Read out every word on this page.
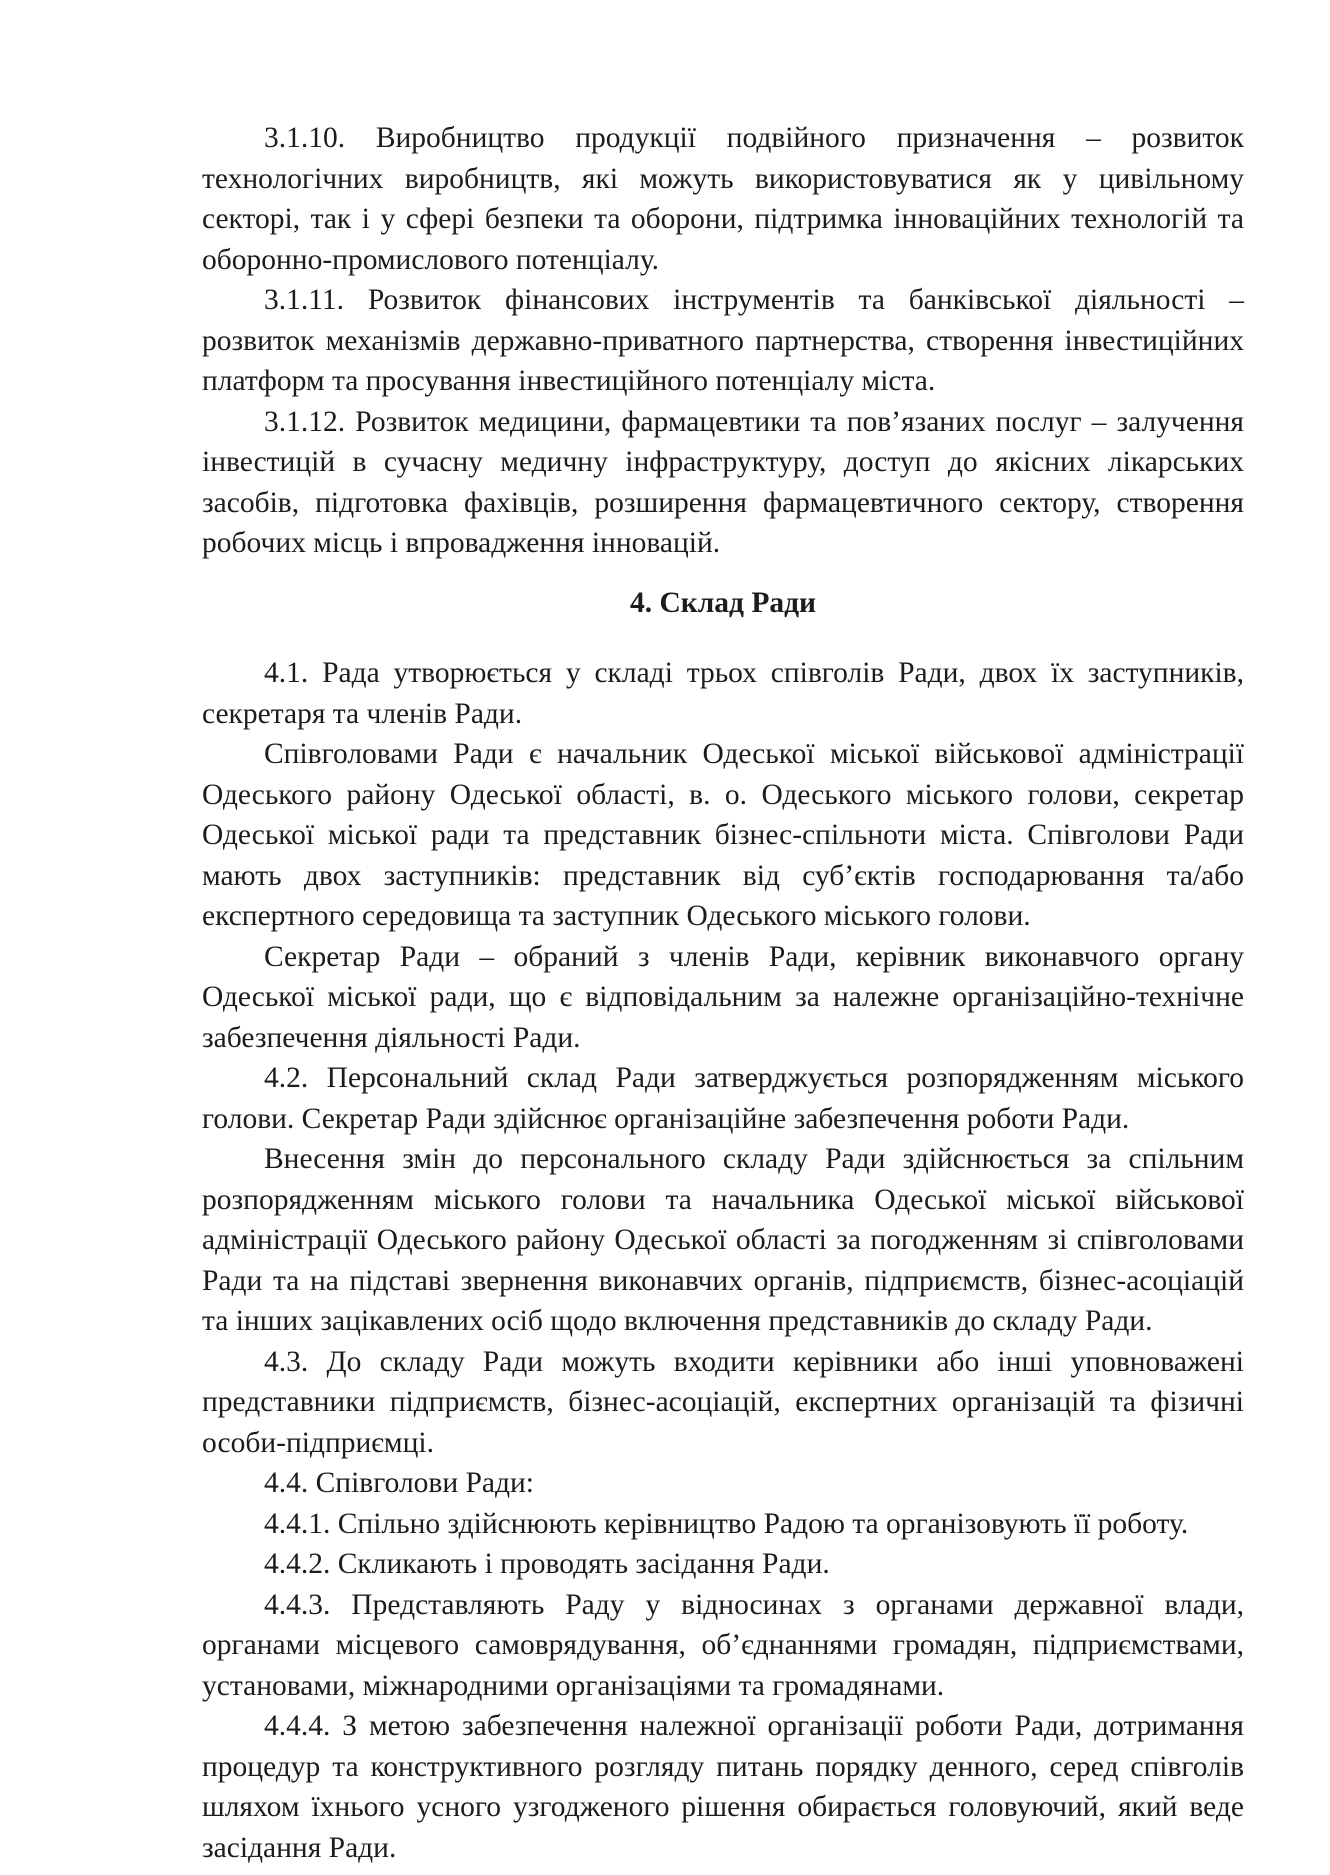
3.1.10. Виробництво продукції подвійного призначення – розвиток технологічних виробництв, які можуть використовуватися як у цивільному секторі, так і у сфері безпеки та оборони, підтримка інноваційних технологій та оборонно-промислового потенціалу.

3.1.11. Розвиток фінансових інструментів та банківської діяльності – розвиток механізмів державно-приватного партнерства, створення інвестиційних платформ та просування інвестиційного потенціалу міста.

3.1.12. Розвиток медицини, фармацевтики та пов’язаних послуг – залучення інвестицій в сучасну медичну інфраструктуру, доступ до якісних лікарських засобів, підготовка фахівців, розширення фармацевтичного сектору, створення робочих місць і впровадження інновацій.

4. Склад Ради

4.1. Рада утворюється у складі трьох співголів Ради, двох їх заступників, секретаря та членів Ради.

Співголовами Ради є начальник Одеської міської військової адміністрації Одеського району Одеської області, в. о. Одеського міського голови, секретар Одеської міської ради та представник бізнес-спільноти міста. Співголови Ради мають двох заступників: представник від суб’єктів господарювання та/або експертного середовища та заступник Одеського міського голови.

Секретар Ради – обраний з членів Ради, керівник виконавчого органу Одеської міської ради, що є відповідальним за належне організаційно-технічне забезпечення діяльності Ради.

4.2. Персональний склад Ради затверджується розпорядженням міського голови. Секретар Ради здійснює організаційне забезпечення роботи Ради.

Внесення змін до персонального складу Ради здійснюється за спільним розпорядженням міського голови та начальника Одеської міської військової адміністрації Одеського району Одеської області за погодженням зі співголовами Ради та на підставі звернення виконавчих органів, підприємств, бізнес-асоціацій та інших зацікавлених осіб щодо включення представників до складу Ради.

4.3. До складу Ради можуть входити керівники або інші уповноважені представники підприємств, бізнес-асоціацій, експертних організацій та фізичні особи-підприємці.

4.4. Співголови Ради:

4.4.1. Спільно здійснюють керівництво Радою та організовують її роботу.

4.4.2. Скликають і проводять засідання Ради.

4.4.3. Представляють Раду у відносинах з органами державної влади, органами місцевого самоврядування, об’єднаннями громадян, підприємствами, установами, міжнародними організаціями та громадянами.

4.4.4. З метою забезпечення належної організації роботи Ради, дотримання процедур та конструктивного розгляду питань порядку денного, серед співголів шляхом їхнього усного узгодженого рішення обирається головуючий, який веде засідання Ради.
